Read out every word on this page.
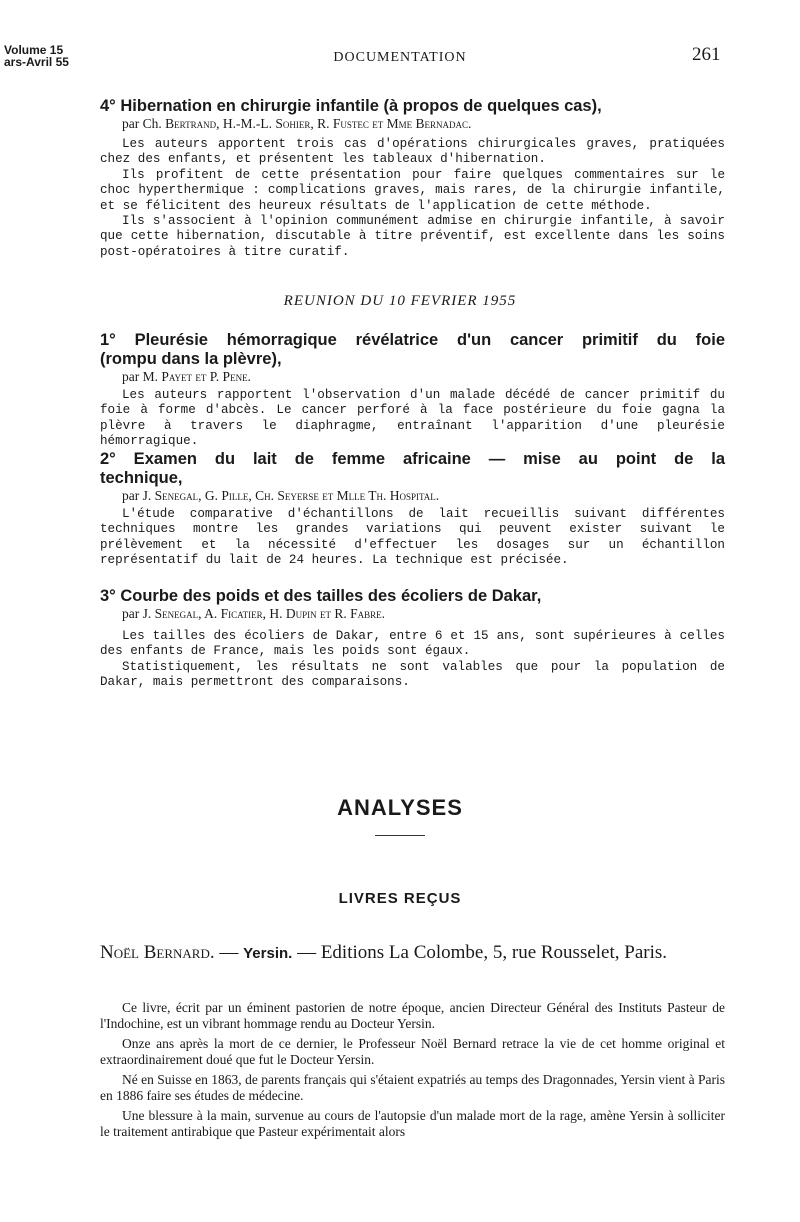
Volume 15
ars-Avril 55	DOCUMENTATION	261
4° Hibernation en chirurgie infantile (à propos de quelques cas),
par Ch. Bertrand, H.-M.-L. Sohier, R. Fustec et Mme Bernadac.

Les auteurs apportent trois cas d'opérations chirurgicales graves, pratiquées chez des enfants, et présentent les tableaux d'hibernation.

Ils profitent de cette présentation pour faire quelques commentaires sur le choc hyperthermique : complications graves, mais rares, de la chirurgie infantile, et se félicitent des heureux résultats de l'application de cette méthode.

Ils s'associent à l'opinion communément admise en chirurgie infantile, à savoir que cette hibernation, discutable à titre préventif, est excellente dans les soins post-opératoires à titre curatif.

REUNION DU 10 FEVRIER 1955
1° Pleurésie hémorragique révélatrice d'un cancer primitif du foie
(rompu dans la plèvre),
par M. Payet et P. Pene.

Les auteurs rapportent l'observation d'un malade décédé de cancer primitif du foie à forme d'abcès. Le cancer perforé à la face postérieure du foie gagna la plèvre à travers le diaphragme, entraînant l'apparition d'une pleurésie hémorragique.

2° Examen du lait de femme africaine — mise au point de la
technique,
par J. Senegal, G. Pille, Ch. Seyerse et Mlle Th. Hospital.

L'étude comparative d'échantillons de lait recueillis suivant différentes techniques montre les grandes variations qui peuvent exister suivant le prélèvement et la nécessité d'effectuer les dosages sur un échantillon représentatif du lait de 24 heures. La technique est précisée.

3° Courbe des poids et des tailles des écoliers de Dakar,
par J. Senegal, A. Ficatier, H. Dupin et R. Fabre.

Les tailles des écoliers de Dakar, entre 6 et 15 ans, sont supérieures à celles des enfants de France, mais les poids sont égaux.

Statistiquement, les résultats ne sont valables que pour la population de Dakar, mais permettront des comparaisons.

ANALYSES
LIVRES REÇUS
Noël Bernard. — Yersin. — Editions La Colombe, 5, rue Rousselet, Paris.

Ce livre, écrit par un éminent pastorien de notre époque, ancien Directeur Général des Instituts Pasteur de l'Indochine, est un vibrant hommage rendu au Docteur Yersin.

Onze ans après la mort de ce dernier, le Professeur Noël Bernard retrace la vie de cet homme original et extraordinairement doué que fut le Docteur Yersin.

Né en Suisse en 1863, de parents français qui s'étaient expatriés au temps des Dragonnades, Yersin vient à Paris en 1886 faire ses études de médecine.

Une blessure à la main, survenue au cours de l'autopsie d'un malade mort de la rage, amène Yersin à solliciter le traitement antirabique que Pasteur expérimentait alors
